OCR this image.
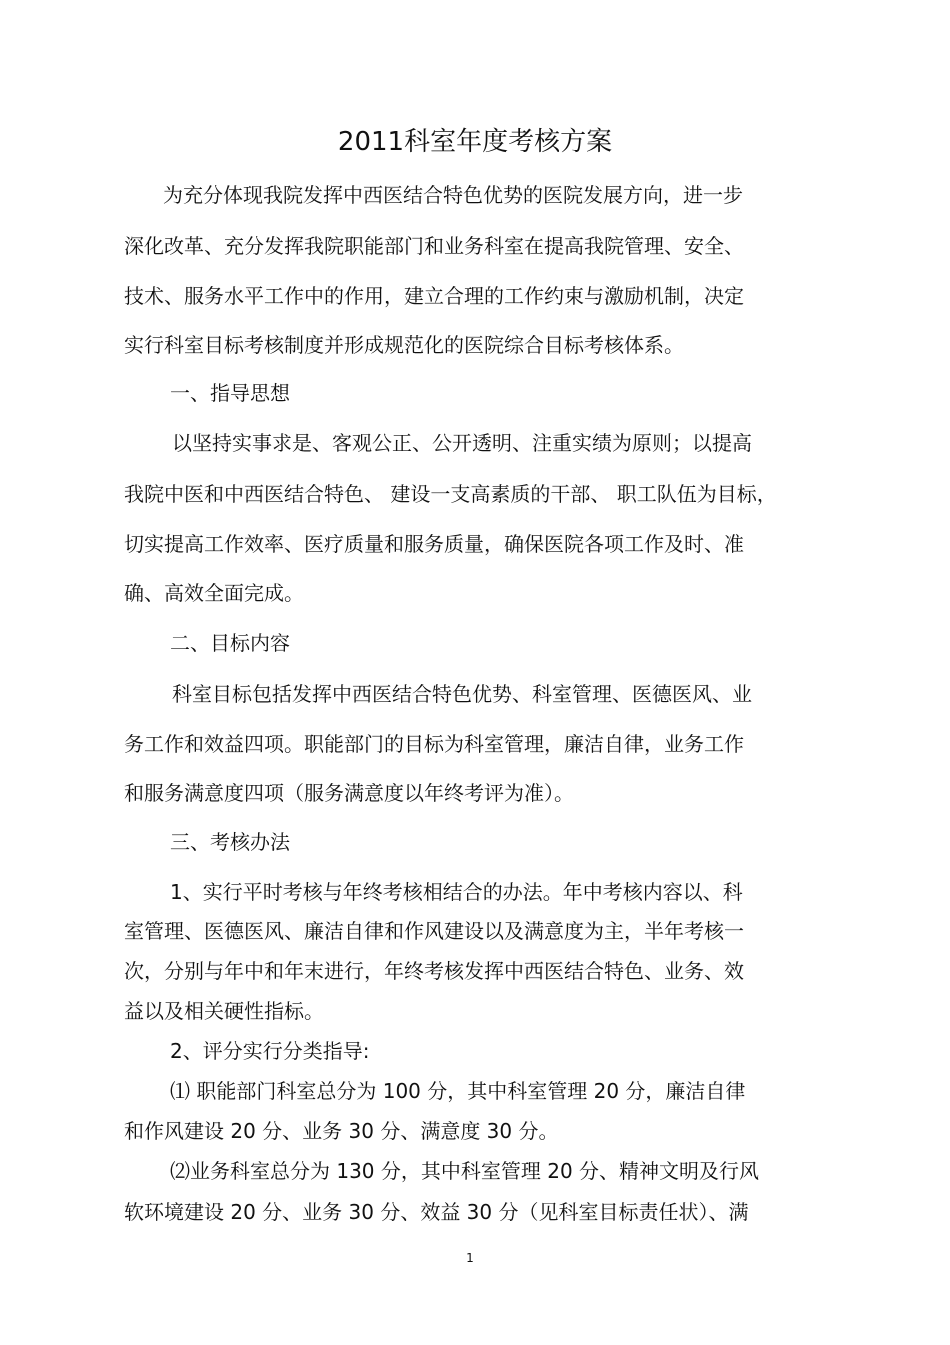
2011科室年度考核方案
为充分体现我院发挥中西医结合特色优势的医院发展方向，进一步
深化改革、充分发挥我院职能部门和业务科室在提高我院管理、安全、
技术、服务水平工作中的作用，建立合理的工作约束与激励机制，决定
实行科室目标考核制度并形成规范化的医院综合目标考核体系。
一、指导思想
以坚持实事求是、客观公正、公开透明、注重实绩为原则；以提高
我院中医和中西医结合特色、 建设一支高素质的干部、 职工队伍为目标，
切实提高工作效率、医疗质量和服务质量，确保医院各项工作及时、准
确、高效全面完成。
二、目标内容
科室目标包括发挥中西医结合特色优势、科室管理、医德医风、业
务工作和效益四项。职能部门的目标为科室管理，廉洁自律，业务工作
和服务满意度四项（服务满意度以年终考评为准）。
三、考核办法
1、实行平时考核与年终考核相结合的办法。年中考核内容以、科
室管理、医德医风、廉洁自律和作风建设以及满意度为主，半年考核一
次，分别与年中和年末进行，年终考核发挥中西医结合特色、业务、效
益以及相关硬性指标。
2、评分实行分类指导:
⑴ 职能部门科室总分为 100 分，其中科室管理 20 分，廉洁自律
和作风建设 20 分、业务 30 分、满意度 30 分。
⑵业务科室总分为 130 分，其中科室管理 20 分、精神文明及行风
软环境建设 20 分、业务 30 分、效益 30 分（见科室目标责任状）、满
1
